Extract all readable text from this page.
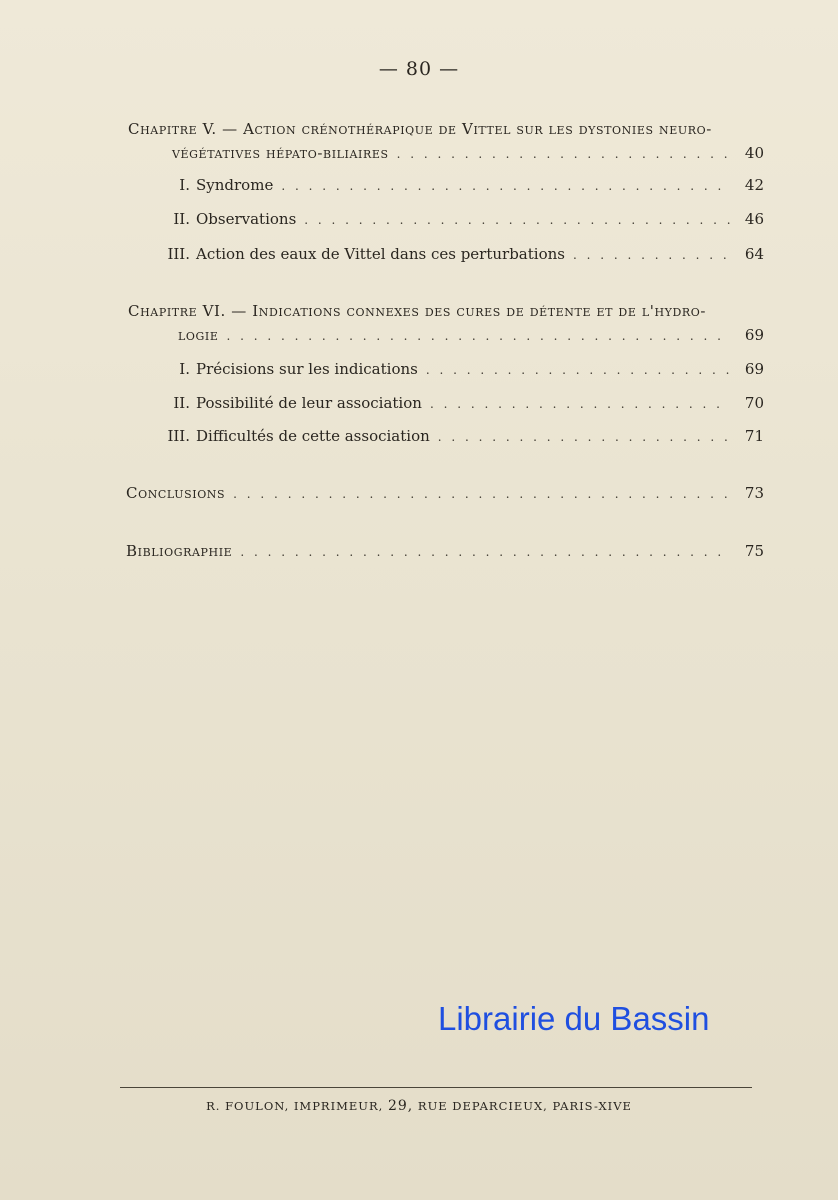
— 80 —
Chapitre V. — Action crénothérapique de Vittel sur les dystonies neuro-
végétatives hépato-biliaires . . .	40
I. Syndrome . . .	42
II. Observations . . .	46
III. Action des eaux de Vittel dans ces perturbations . . .	64
Chapitre VI. — Indications connexes des cures de détente et de l'hydro-
logie . . .	69
I. Précisions sur les indications . . .	69
II. Possibilité de leur association . . .	70
III. Difficultés de cette association . . .	71
Conclusions . . .	73
Bibliographie . . .	75
Librairie du Bassin
R. FOULON, IMPRIMEUR, 29, RUE DEPARCIEUX, PARIS-XIVE
